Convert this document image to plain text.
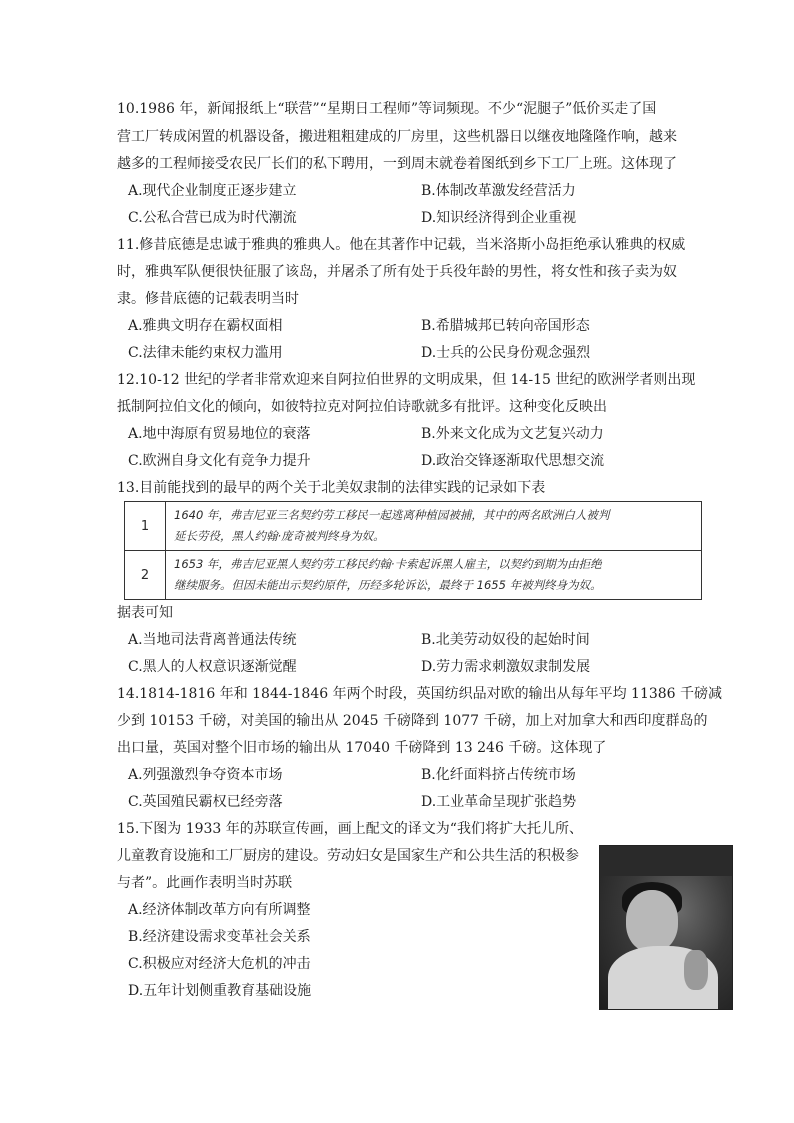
10.1986 年，新闻报纸上“联营”“星期日工程师”等词频现。不少“泥腿子”低价买走了国
营工厂转成闲置的机器设备，搬进粗粗建成的厂房里，这些机器日以继夜地隆隆作响，越来
越多的工程师接受农民厂长们的私下聘用，一到周末就卷着图纸到乡下工厂上班。这体现了
A.现代企业制度正逐步建立	B.体制改革激发经营活力
C.公私合营已成为时代潮流	D.知识经济得到企业重视
11.修昔底德是忠诚于雅典的雅典人。他在其著作中记载，当米洛斯小岛拒绝承认雅典的权威
时，雅典军队便很快征服了该岛，并屠杀了所有处于兵役年龄的男性，将女性和孩子卖为奴
隶。修昔底德的记载表明当时
A.雅典文明存在霸权面相	B.希腊城邦已转向帝国形态
C.法律未能约束权力滥用	D.士兵的公民身份观念强烈
12.10-12 世纪的学者非常欢迎来自阿拉伯世界的文明成果，但 14-15 世纪的欧洲学者则出现
抵制阿拉伯文化的倾向，如彼特拉克对阿拉伯诗歌就多有批评。这种变化反映出
A.地中海原有贸易地位的衰落	B.外来文化成为文艺复兴动力
C.欧洲自身文化有竞争力提升	D.政治交锋逐渐取代思想交流
13.目前能找到的最早的两个关于北美奴隶制的法律实践的记录如下表
1	1640 年，弗吉尼亚三名契约劳工移民一起逃离种植园被捕，其中的两名欧洲白人被判
延长劳役，黑人约翰·庞奇被判终身为奴。

2	1653 年，弗吉尼亚黑人契约劳工移民约翰·卡索起诉黑人雇主，以契约到期为由拒绝
继续服务。但因未能出示契约原件，历经多轮诉讼，最终于 1655 年被判终身为奴。
据表可知
A.当地司法背离普通法传统	B.北美劳动奴役的起始时间
C.黑人的人权意识逐渐觉醒	D.劳力需求刺激奴隶制发展
14.1814-1816 年和 1844-1846 年两个时段，英国纺织品对欧的输出从每年平均 11386 千磅减
少到 10153 千磅，对美国的输出从 2045 千磅降到 1077 千磅，加上对加拿大和西印度群岛的
出口量，英国对整个旧市场的输出从 17040 千磅降到 13 246 千磅。这体现了
A.列强激烈争夺资本市场	B.化纤面料挤占传统市场
C.英国殖民霸权已经旁落	D.工业革命呈现扩张趋势
15.下图为 1933 年的苏联宣传画，画上配文的译文为“我们将扩大托儿所、
儿童教育设施和工厂厨房的建设。劳动妇女是国家生产和公共生活的积极参
与者”。此画作表明当时苏联
A.经济体制改革方向有所调整
B.经济建设需求变革社会关系
C.积极应对经济大危机的冲击
D.五年计划侧重教育基础设施
